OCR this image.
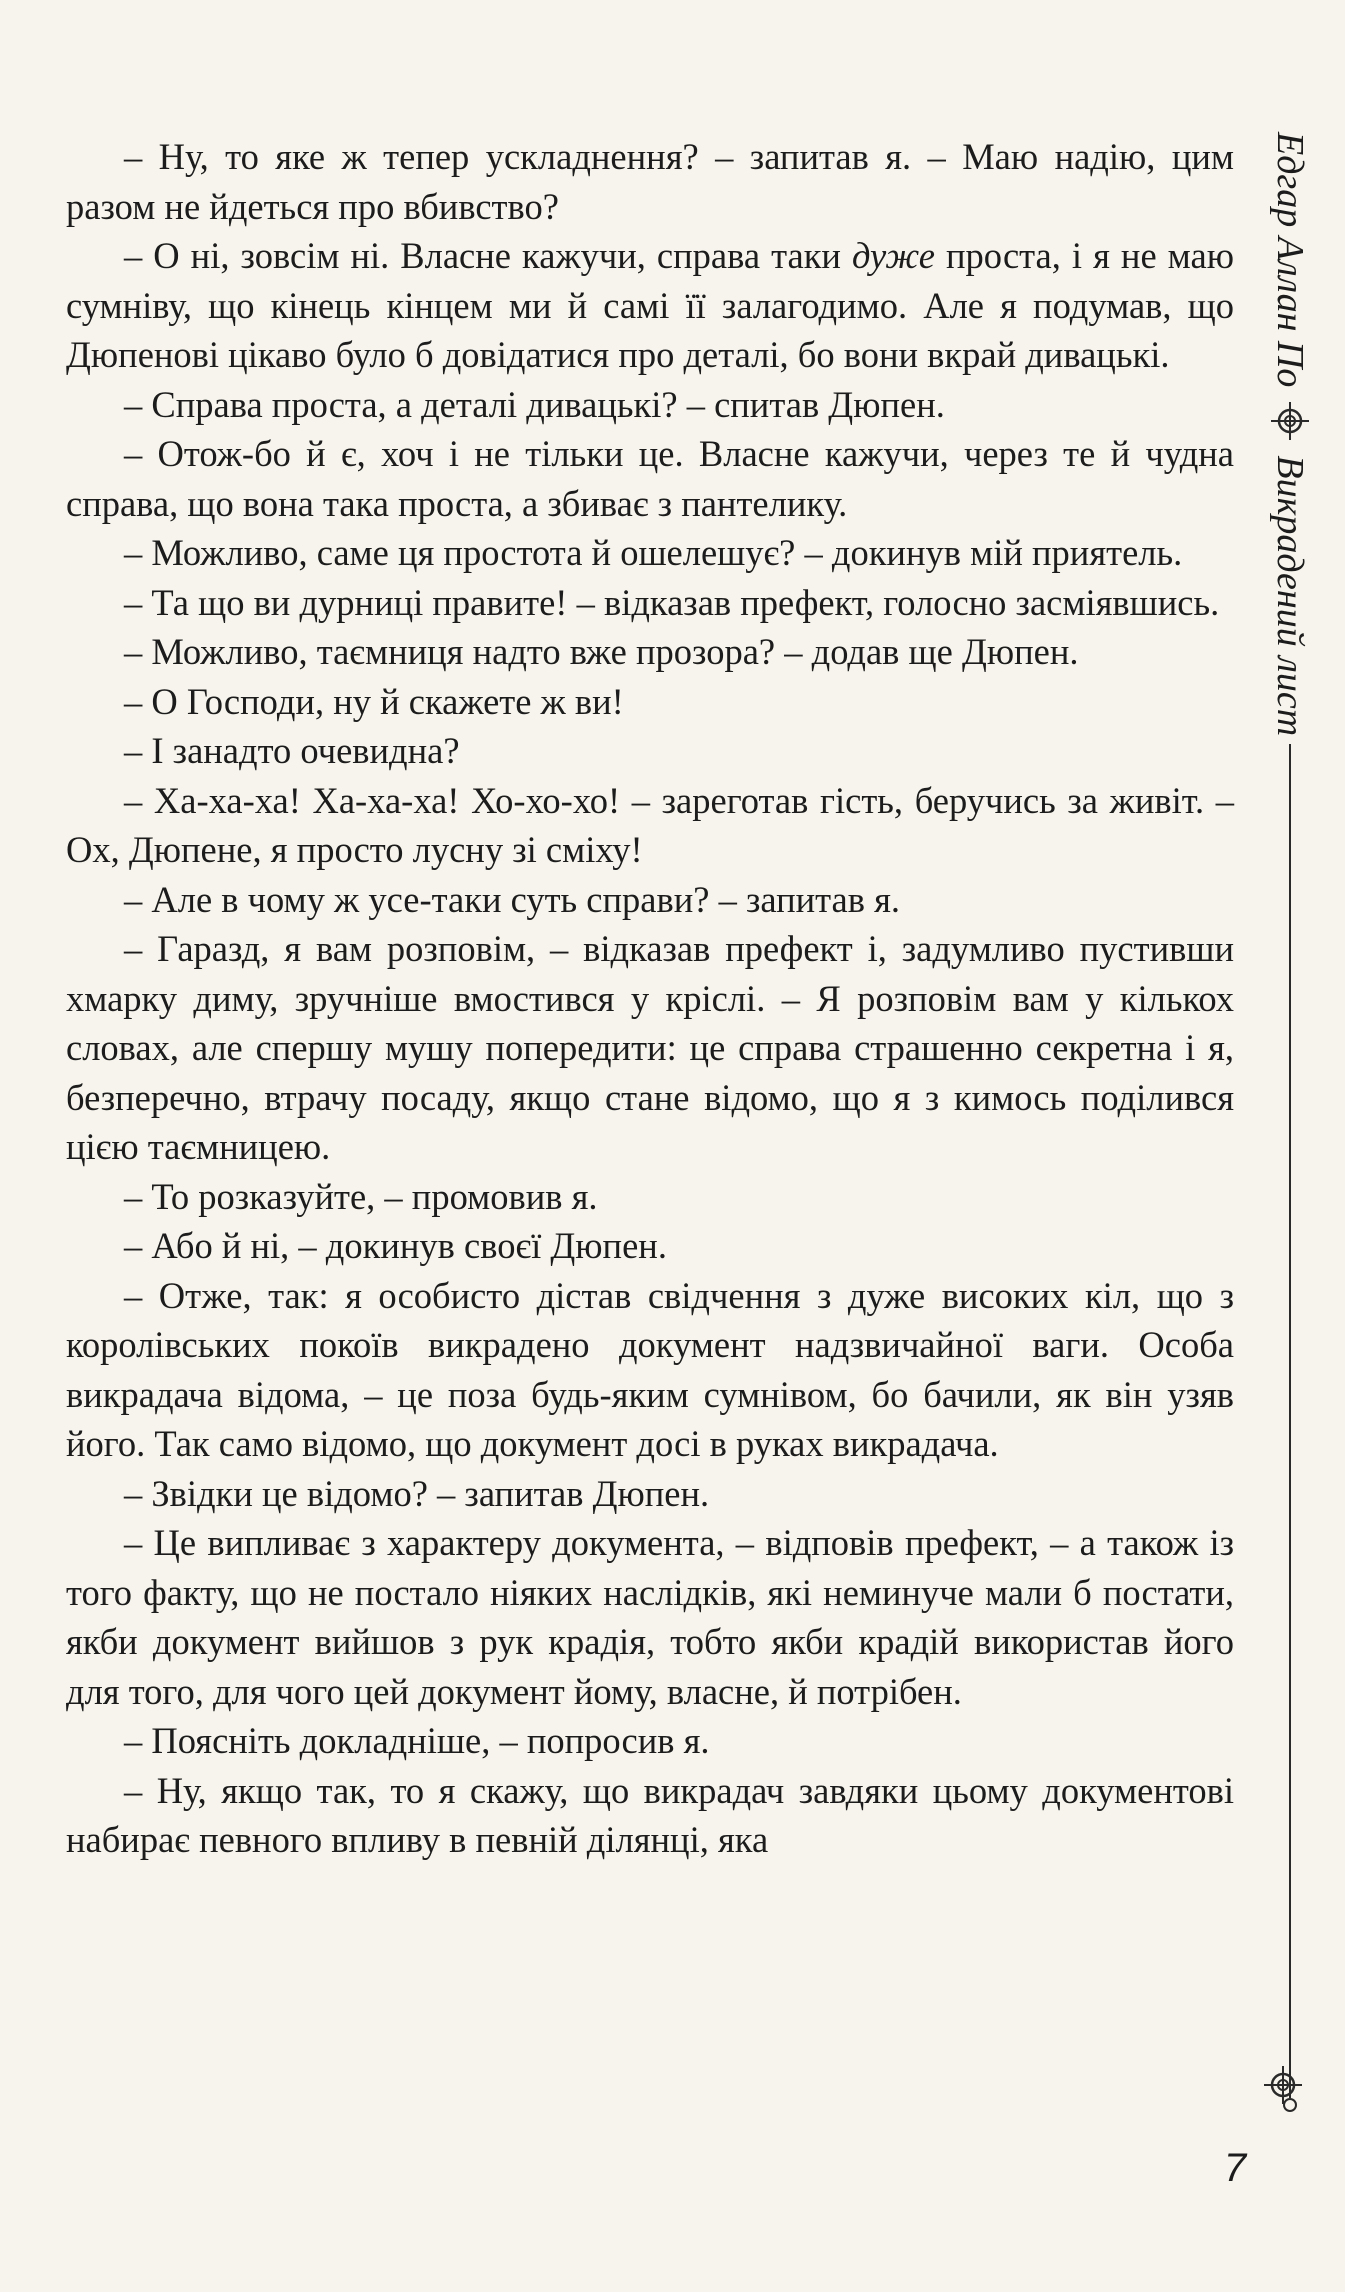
– Ну, то яке ж тепер ускладнення? – запитав я. – Маю надію, цим разом не йдеться про вбивство?

– О ні, зовсім ні. Власне кажучи, справа таки дуже проста, і я не маю сумніву, що кінець кінцем ми й самі її залагодимо. Але я подумав, що Дюпенові цікаво було б довідатися про деталі, бо вони вкрай дивацькі.

– Справа проста, а деталі дивацькі? – спитав Дюпен.

– Отож-бо й є, хоч і не тільки це. Власне кажучи, через те й чудна справа, що вона така проста, а збиває з пантелику.

– Можливо, саме ця простота й ошелешує? – докинув мій приятель.

– Та що ви дурниці правите! – відказав префект, голосно засміявшись.

– Можливо, таємниця надто вже прозора? – додав ще Дюпен.

– О Господи, ну й скажете ж ви!

– І занадто очевидна?

– Ха-ха-ха! Ха-ха-ха! Хо-хо-хо! – зареготав гість, беручись за живіт. – Ох, Дюпене, я просто лусну зі сміху!

– Але в чому ж усе-таки суть справи? – запитав я.

– Гаразд, я вам розповім, – відказав префект і, задумливо пустивши хмарку диму, зручніше вмостився у кріслі. – Я розповім вам у кількох словах, але спершу мушу попередити: це справа страшенно секретна і я, безперечно, втрачу посаду, якщо стане відомо, що я з кимось поділився цією таємницею.

– То розказуйте, – промовив я.

– Або й ні, – докинув своєї Дюпен.

– Отже, так: я особисто дістав свідчення з дуже високих кіл, що з королівських покоїв викрадено документ надзвичайної ваги. Особа викрадача відома, – це поза будь-яким сумнівом, бо бачили, як він узяв його. Так само відомо, що документ досі в руках викрадача.

– Звідки це відомо? – запитав Дюпен.

– Це випливає з характеру документа, – відповів префект, – а також із того факту, що не постало ніяких наслідків, які неминуче мали б постати, якби документ вийшов з рук крадія, тобто якби крадій використав його для того, для чого цей документ йому, власне, й потрібен.

– Поясніть докладніше, – попросив я.

– Ну, якщо так, то я скажу, що викрадач завдяки цьому документові набирає певного впливу в певній ділянці, яка

Едгар Аллан По
Викрадений лист
7
